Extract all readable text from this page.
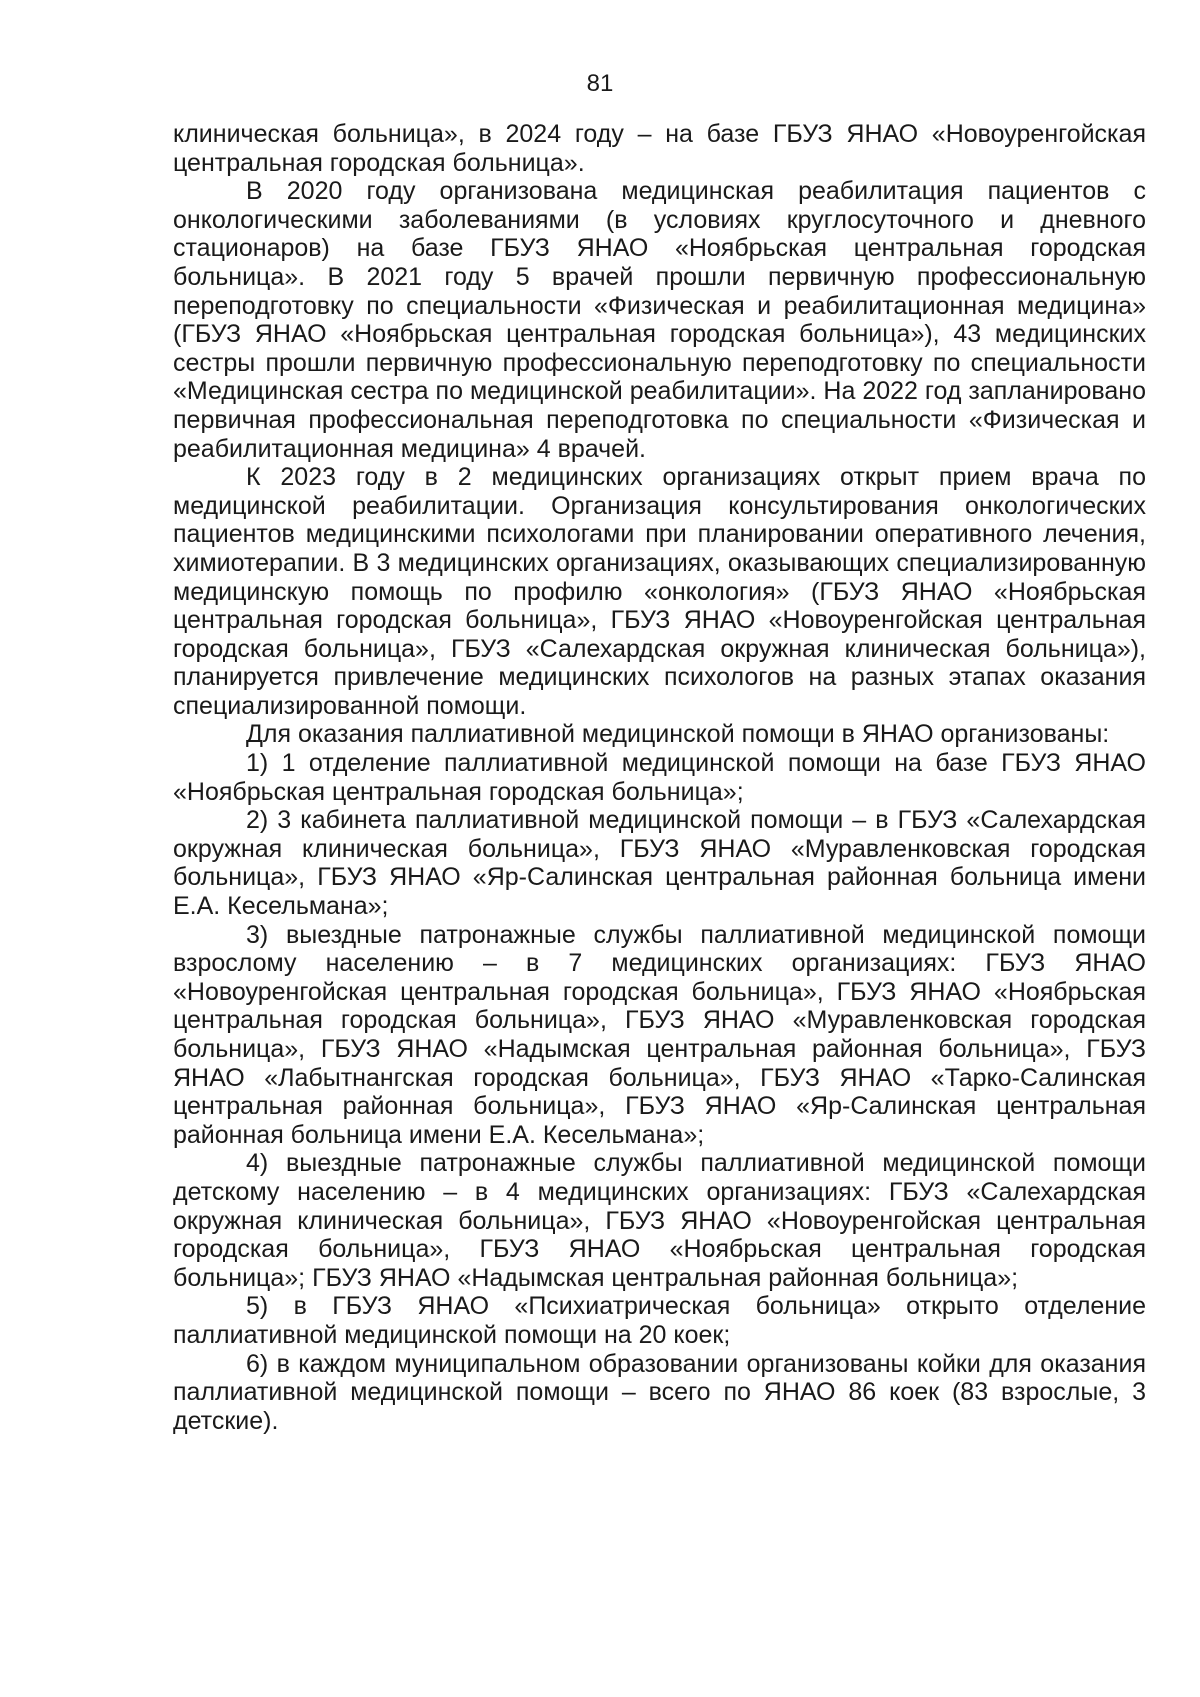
81

клиническая больница», в 2024 году – на базе ГБУЗ ЯНАО «Новоуренгойская центральная городская больница».

В 2020 году организована медицинская реабилитация пациентов с онкологическими заболеваниями (в условиях круглосуточного и дневного стационаров) на базе ГБУЗ ЯНАО «Ноябрьская центральная городская больница». В 2021 году 5 врачей прошли первичную профессиональную переподготовку по специальности «Физическая и реабилитационная медицина» (ГБУЗ ЯНАО «Ноябрьская центральная городская больница»), 43 медицинских сестры прошли первичную профессиональную переподготовку по специальности «Медицинская сестра по медицинской реабилитации». На 2022 год запланировано первичная профессиональная переподготовка по специальности «Физическая и реабилитационная медицина» 4 врачей.

К 2023 году в 2 медицинских организациях открыт прием врача по медицинской реабилитации. Организация консультирования онкологических пациентов медицинскими психологами при планировании оперативного лечения, химиотерапии. В 3 медицинских организациях, оказывающих специализированную медицинскую помощь по профилю «онкология» (ГБУЗ ЯНАО «Ноябрьская центральная городская больница», ГБУЗ ЯНАО «Новоуренгойская центральная городская больница», ГБУЗ «Салехардская окружная клиническая больница»), планируется привлечение медицинских психологов на разных этапах оказания специализированной помощи.

Для оказания паллиативной медицинской помощи в ЯНАО организованы:

1) 1 отделение паллиативной медицинской помощи на базе ГБУЗ ЯНАО «Ноябрьская центральная городская больница»;

2) 3 кабинета паллиативной медицинской помощи – в ГБУЗ «Салехардская окружная клиническая больница», ГБУЗ ЯНАО «Муравленковская городская больница», ГБУЗ ЯНАО «Яр-Салинская центральная районная больница имени Е.А. Кесельмана»;

3) выездные патронажные службы паллиативной медицинской помощи взрослому населению – в 7 медицинских организациях: ГБУЗ ЯНАО «Новоуренгойская центральная городская больница», ГБУЗ ЯНАО «Ноябрьская центральная городская больница», ГБУЗ ЯНАО «Муравленковская городская больница», ГБУЗ ЯНАО «Надымская центральная районная больница», ГБУЗ ЯНАО «Лабытнангская городская больница», ГБУЗ ЯНАО «Тарко-Салинская центральная районная больница», ГБУЗ ЯНАО «Яр-Салинская центральная районная больница имени Е.А. Кесельмана»;

4) выездные патронажные службы паллиативной медицинской помощи детскому населению – в 4 медицинских организациях: ГБУЗ «Салехардская окружная клиническая больница», ГБУЗ ЯНАО «Новоуренгойская центральная городская больница», ГБУЗ ЯНАО «Ноябрьская центральная городская больница»; ГБУЗ ЯНАО «Надымская центральная районная больница»;

5) в ГБУЗ ЯНАО «Психиатрическая больница» открыто отделение паллиативной медицинской помощи на 20 коек;

6) в каждом муниципальном образовании организованы койки для оказания паллиативной медицинской помощи – всего по ЯНАО 86 коек (83 взрослые, 3 детские).
